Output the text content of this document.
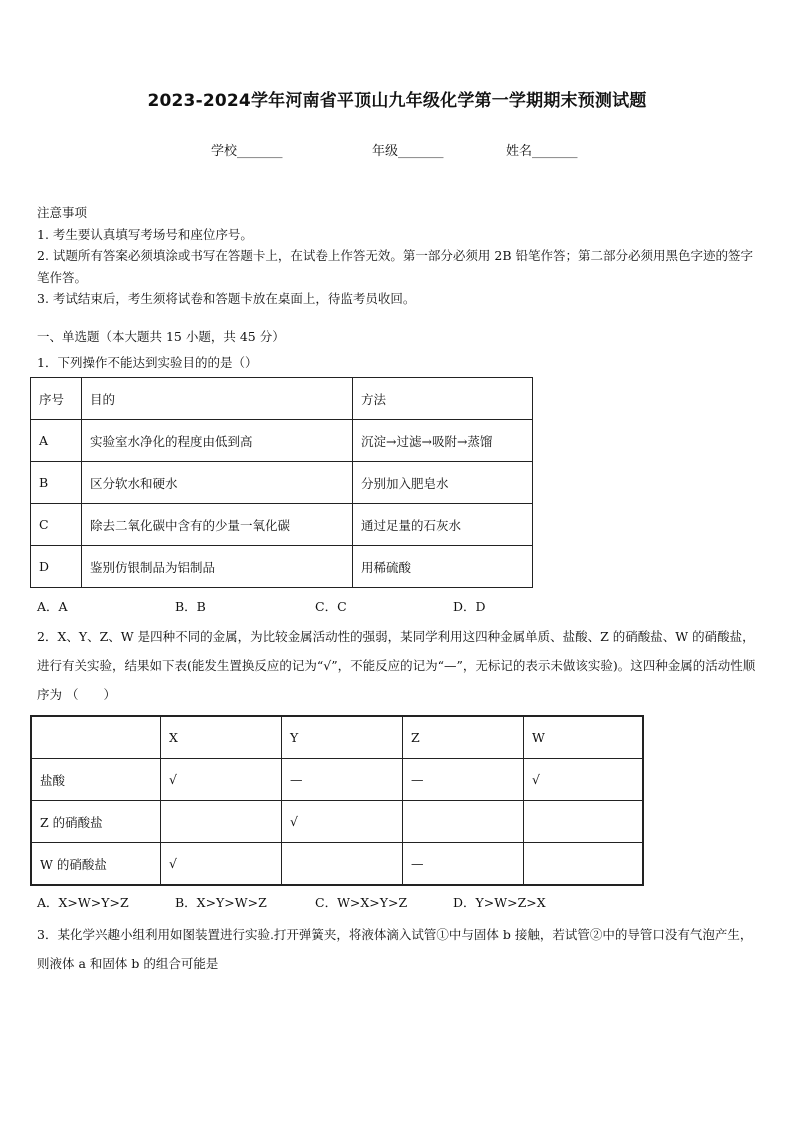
2023-2024学年河南省平顶山九年级化学第一学期期末预测试题
学校_______	年级_______	姓名_______

注意事项

1. 考生要认真填写考场号和座位序号。

2. 试题所有答案必须填涂或书写在答题卡上，在试卷上作答无效。第一部分必须用 2B 铅笔作答；第二部分必须用黑色字迹的签字笔作答。

3. 考试结束后，考生须将试卷和答题卡放在桌面上，待监考员收回。

一、单选题（本大题共 15 小题，共 45 分）
1．下列操作不能达到实验目的的是（）
序号	目的	方法
A	实验室水净化的程度由低到高	沉淀→过滤→吸附→蒸馏
B	区分软水和硬水	分别加入肥皂水
C	除去二氧化碳中含有的少量一氧化碳	通过足量的石灰水
D	鉴别仿银制品为铝制品	用稀硫酸
A．A	B．B	C．C	D．D
2．X、Y、Z、W 是四种不同的金属，为比较金属活动性的强弱，某同学利用这四种金属单质、盐酸、Z 的硝酸盐、W 的硝酸盐，进行有关实验，结果如下表(能发生置换反应的记为“√”，不能反应的记为“—”，无标记的表示未做该实验)。这四种金属的活动性顺序为 （　　）
	X	Y	Z	W
盐酸	√	—	—	√
Z 的硝酸盐		√		
W 的硝酸盐	√		—	
A．X>W>Y>Z	B．X>Y>W>Z	C．W>X>Y>Z	D．Y>W>Z>X
3．某化学兴趣小组利用如图装置进行实验.打开弹簧夹，将液体滴入试管①中与固体 b 接触，若试管②中的导管口没有气泡产生，则液体 a 和固体 b 的组合可能是
